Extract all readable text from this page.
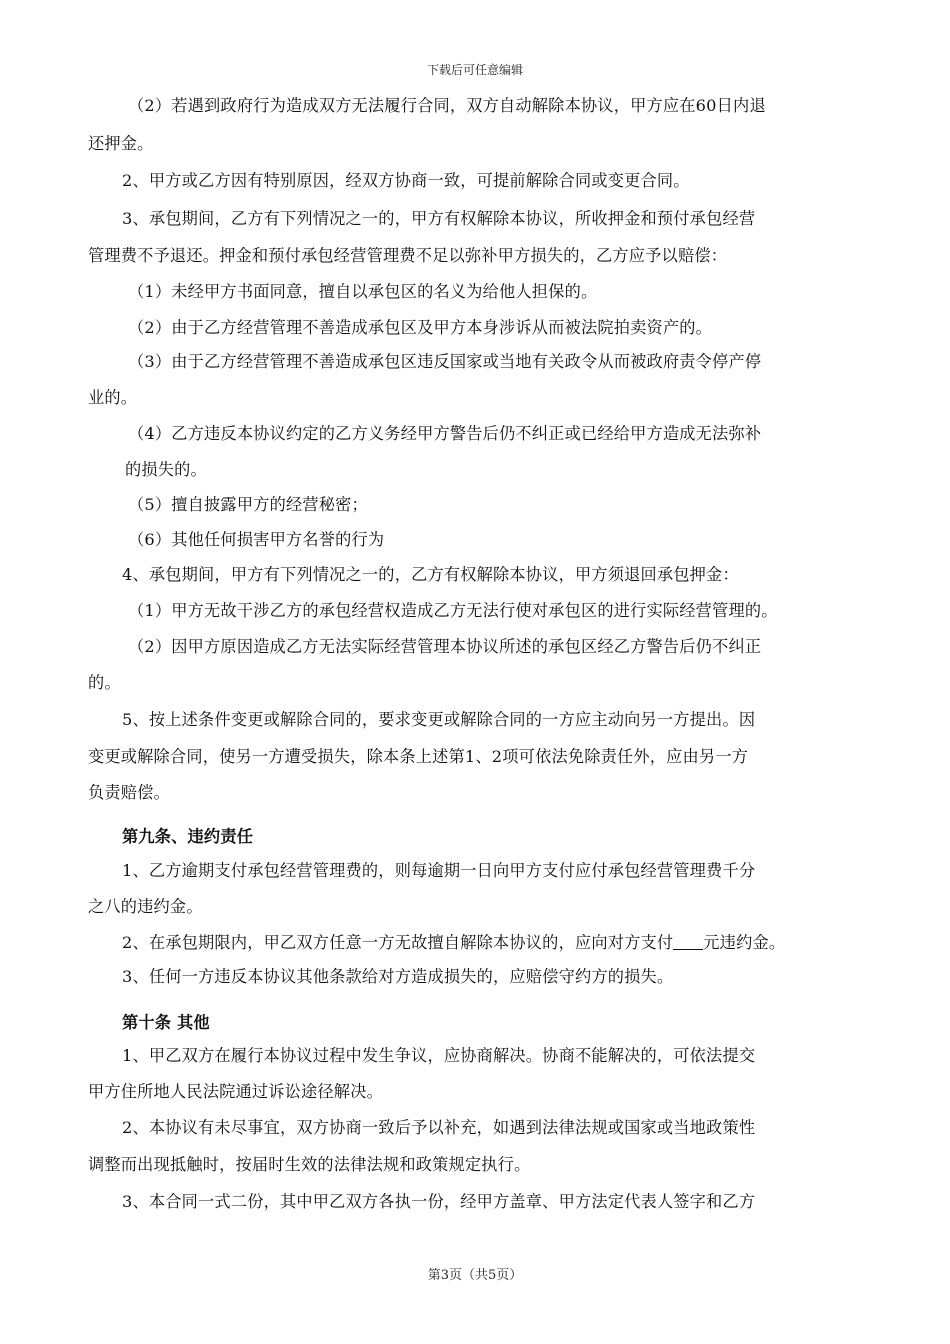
下载后可任意编辑
（2）若遇到政府行为造成双方无法履行合同，双方自动解除本协议，甲方应在60日内退
还押金。
2、甲方或乙方因有特别原因，经双方协商一致，可提前解除合同或变更合同。
3、承包期间，乙方有下列情况之一的，甲方有权解除本协议，所收押金和预付承包经营
管理费不予退还。押金和预付承包经营管理费不足以弥补甲方损失的，乙方应予以赔偿：
（1）未经甲方书面同意，擅自以承包区的名义为给他人担保的。
（2）由于乙方经营管理不善造成承包区及甲方本身涉诉从而被法院拍卖资产的。
（3）由于乙方经营管理不善造成承包区违反国家或当地有关政令从而被政府责令停产停
业的。
（4）乙方违反本协议约定的乙方义务经甲方警告后仍不纠正或已经给甲方造成无法弥补
的损失的。
（5）擅自披露甲方的经营秘密；
（6）其他任何损害甲方名誉的行为
4、承包期间，甲方有下列情况之一的，乙方有权解除本协议，甲方须退回承包押金：
（1）甲方无故干涉乙方的承包经营权造成乙方无法行使对承包区的进行实际经营管理的。
（2）因甲方原因造成乙方无法实际经营管理本协议所述的承包区经乙方警告后仍不纠正
的。
5、按上述条件变更或解除合同的，要求变更或解除合同的一方应主动向另一方提出。因
变更或解除合同，使另一方遭受损失，除本条上述第1、2项可依法免除责任外，应由另一方
负责赔偿。
第九条、违约责任
1、乙方逾期支付承包经营管理费的，则每逾期一日向甲方支付应付承包经营管理费千分
之八的违约金。
2、在承包期限内，甲乙双方任意一方无故擅自解除本协议的，应向对方支付 元违约金。
3、任何一方违反本协议其他条款给对方造成损失的，应赔偿守约方的损失。
第十条 其他
1、甲乙双方在履行本协议过程中发生争议，应协商解决。协商不能解决的，可依法提交
甲方住所地人民法院通过诉讼途径解决。
2、本协议有未尽事宜，双方协商一致后予以补充，如遇到法律法规或国家或当地政策性
调整而出现抵触时，按届时生效的法律法规和政策规定执行。
3、本合同一式二份，其中甲乙双方各执一份，经甲方盖章、甲方法定代表人签字和乙方
第3页（共5页）
